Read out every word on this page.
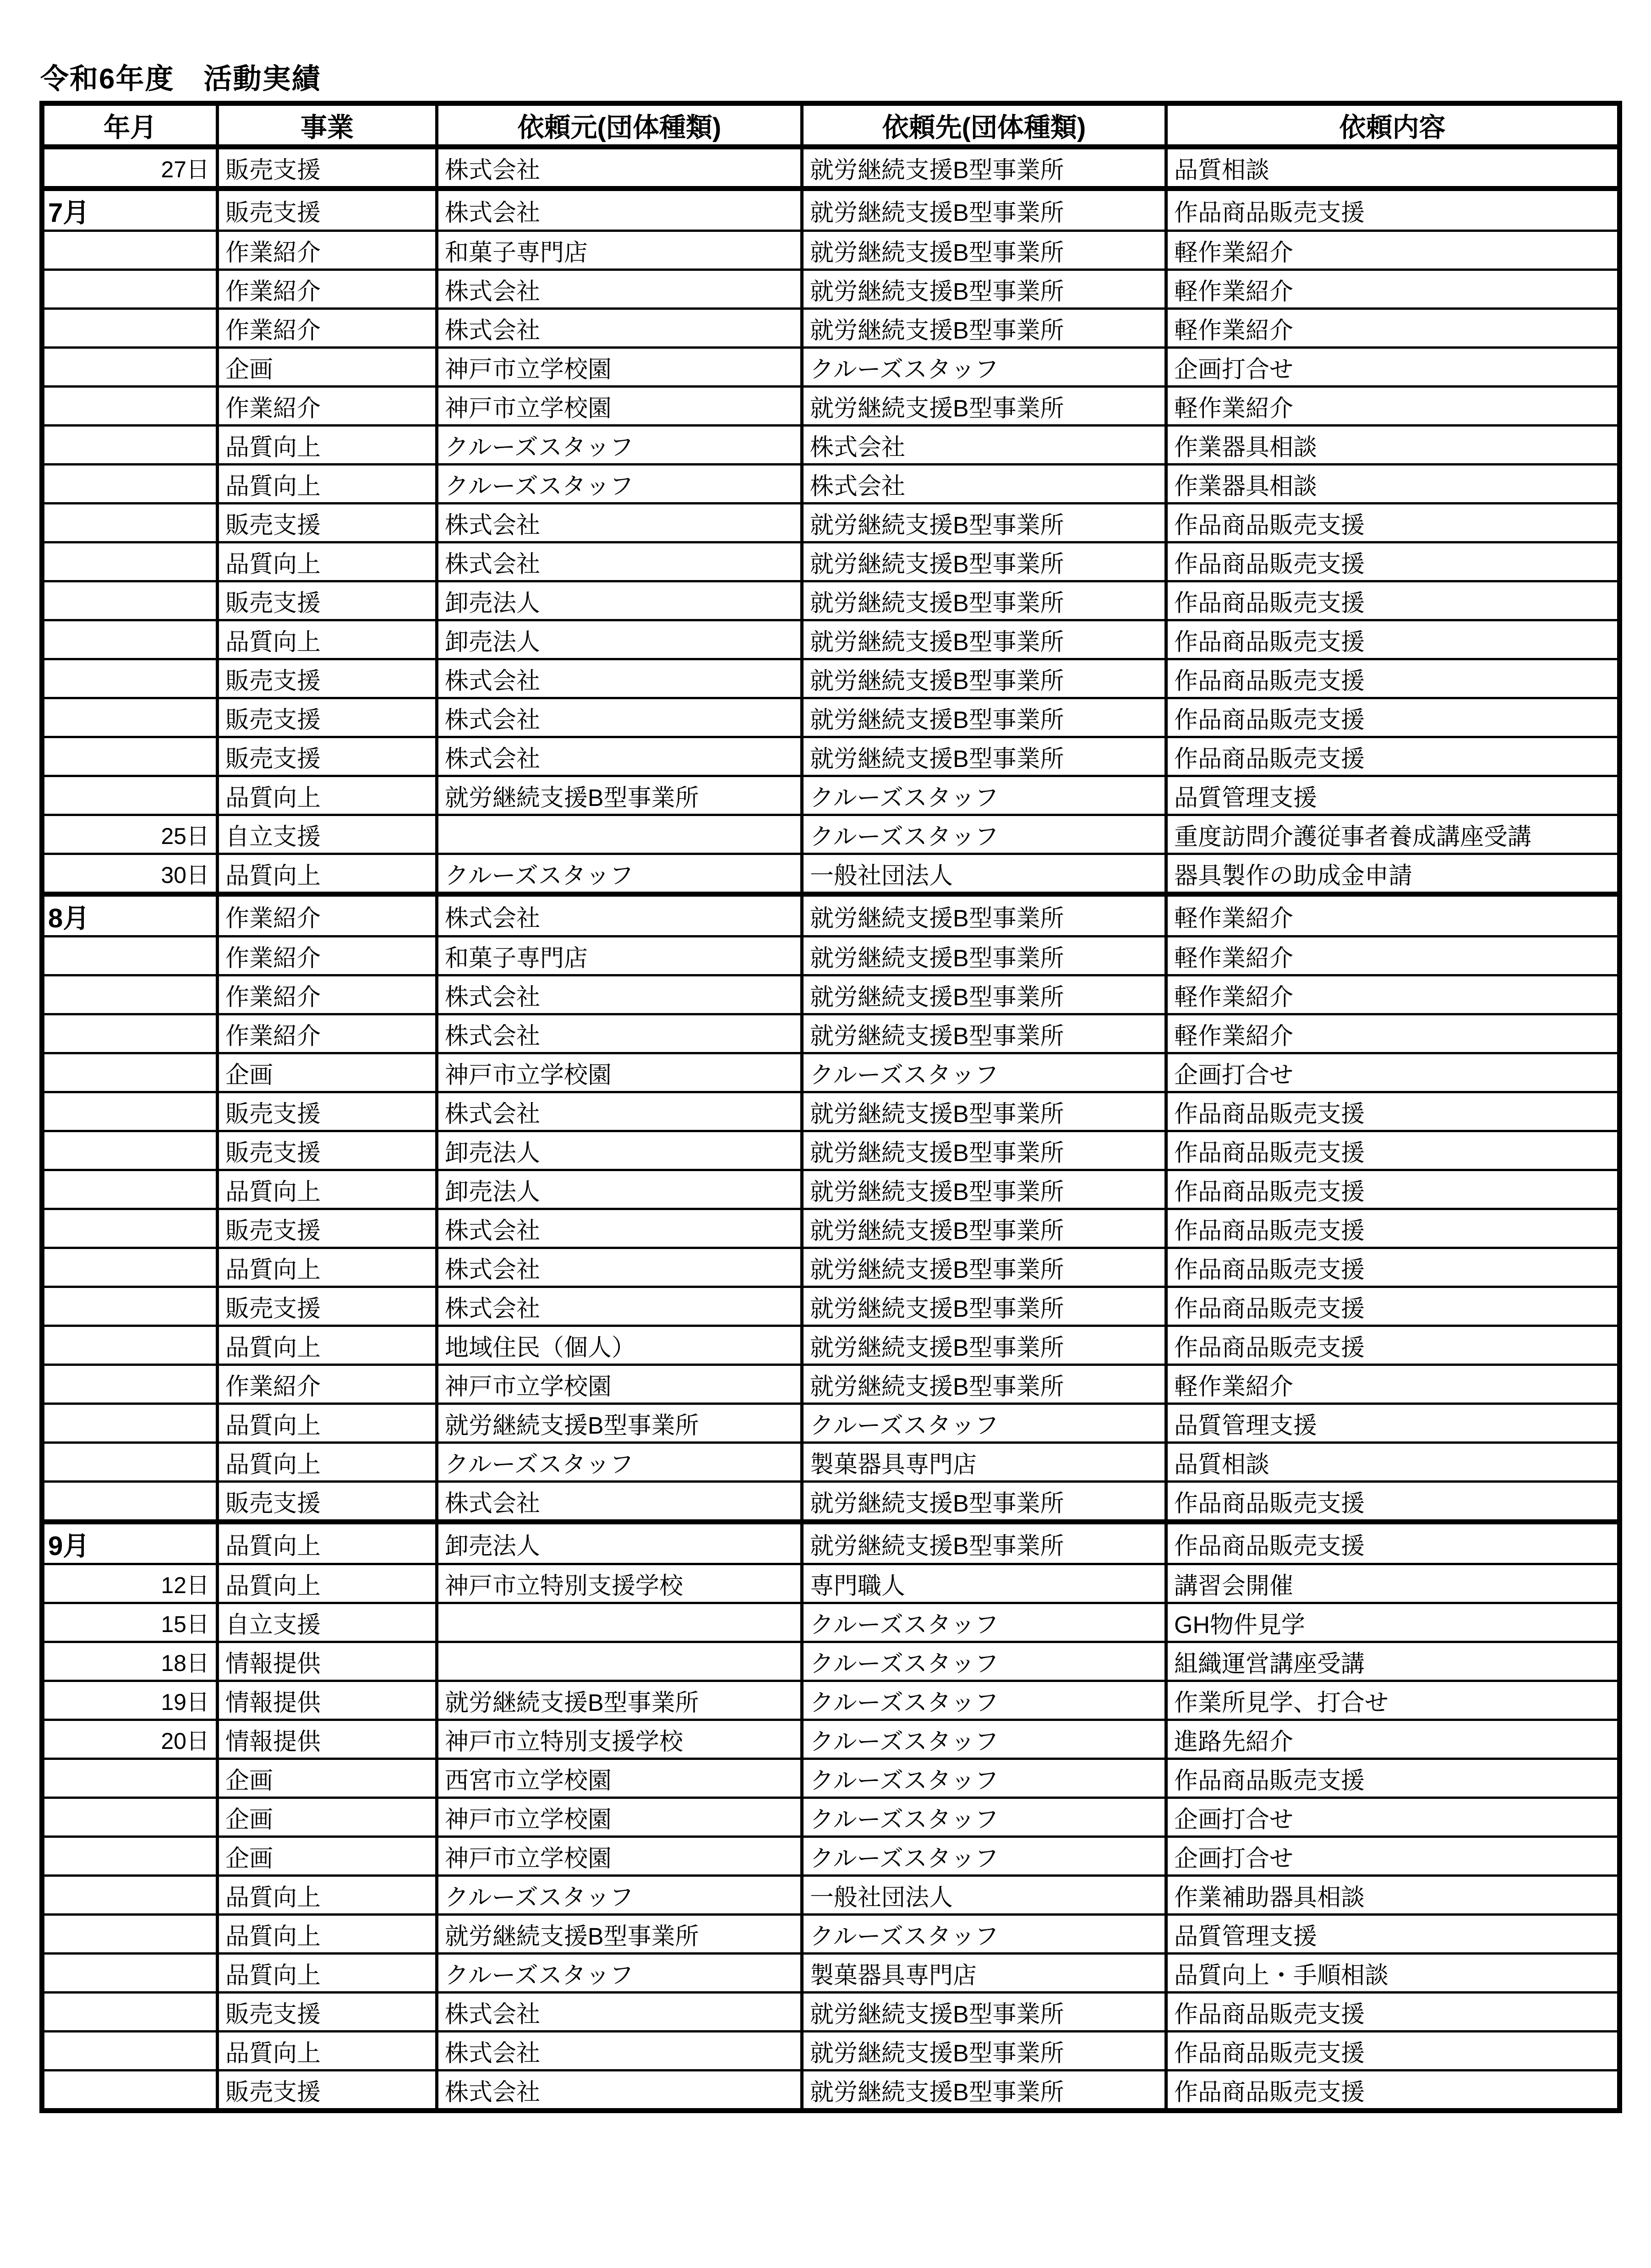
令和6年度　活動実績
年月	事業	依頼元(団体種類)	依頼先(団体種類)	依頼内容
27日	販売支援	株式会社	就労継続支援B型事業所	品質相談
7月	販売支援	株式会社	就労継続支援B型事業所	作品商品販売支援
	作業紹介	和菓子専門店	就労継続支援B型事業所	軽作業紹介
	作業紹介	株式会社	就労継続支援B型事業所	軽作業紹介
	作業紹介	株式会社	就労継続支援B型事業所	軽作業紹介
	企画	神戸市立学校園	クルーズスタッフ	企画打合せ
	作業紹介	神戸市立学校園	就労継続支援B型事業所	軽作業紹介
	品質向上	クルーズスタッフ	株式会社	作業器具相談
	品質向上	クルーズスタッフ	株式会社	作業器具相談
	販売支援	株式会社	就労継続支援B型事業所	作品商品販売支援
	品質向上	株式会社	就労継続支援B型事業所	作品商品販売支援
	販売支援	卸売法人	就労継続支援B型事業所	作品商品販売支援
	品質向上	卸売法人	就労継続支援B型事業所	作品商品販売支援
	販売支援	株式会社	就労継続支援B型事業所	作品商品販売支援
	販売支援	株式会社	就労継続支援B型事業所	作品商品販売支援
	販売支援	株式会社	就労継続支援B型事業所	作品商品販売支援
	品質向上	就労継続支援B型事業所	クルーズスタッフ	品質管理支援
25日	自立支援		クルーズスタッフ	重度訪問介護従事者養成講座受講
30日	品質向上	クルーズスタッフ	一般社団法人	器具製作の助成金申請
8月	作業紹介	株式会社	就労継続支援B型事業所	軽作業紹介
	作業紹介	和菓子専門店	就労継続支援B型事業所	軽作業紹介
	作業紹介	株式会社	就労継続支援B型事業所	軽作業紹介
	作業紹介	株式会社	就労継続支援B型事業所	軽作業紹介
	企画	神戸市立学校園	クルーズスタッフ	企画打合せ
	販売支援	株式会社	就労継続支援B型事業所	作品商品販売支援
	販売支援	卸売法人	就労継続支援B型事業所	作品商品販売支援
	品質向上	卸売法人	就労継続支援B型事業所	作品商品販売支援
	販売支援	株式会社	就労継続支援B型事業所	作品商品販売支援
	品質向上	株式会社	就労継続支援B型事業所	作品商品販売支援
	販売支援	株式会社	就労継続支援B型事業所	作品商品販売支援
	品質向上	地域住民（個人）	就労継続支援B型事業所	作品商品販売支援
	作業紹介	神戸市立学校園	就労継続支援B型事業所	軽作業紹介
	品質向上	就労継続支援B型事業所	クルーズスタッフ	品質管理支援
	品質向上	クルーズスタッフ	製菓器具専門店	品質相談
	販売支援	株式会社	就労継続支援B型事業所	作品商品販売支援
9月	品質向上	卸売法人	就労継続支援B型事業所	作品商品販売支援
12日	品質向上	神戸市立特別支援学校	専門職人	講習会開催
15日	自立支援		クルーズスタッフ	GH物件見学
18日	情報提供		クルーズスタッフ	組織運営講座受講
19日	情報提供	就労継続支援B型事業所	クルーズスタッフ	作業所見学、打合せ
20日	情報提供	神戸市立特別支援学校	クルーズスタッフ	進路先紹介
	企画	西宮市立学校園	クルーズスタッフ	作品商品販売支援
	企画	神戸市立学校園	クルーズスタッフ	企画打合せ
	企画	神戸市立学校園	クルーズスタッフ	企画打合せ
	品質向上	クルーズスタッフ	一般社団法人	作業補助器具相談
	品質向上	就労継続支援B型事業所	クルーズスタッフ	品質管理支援
	品質向上	クルーズスタッフ	製菓器具専門店	品質向上・手順相談
	販売支援	株式会社	就労継続支援B型事業所	作品商品販売支援
	品質向上	株式会社	就労継続支援B型事業所	作品商品販売支援
	販売支援	株式会社	就労継続支援B型事業所	作品商品販売支援
